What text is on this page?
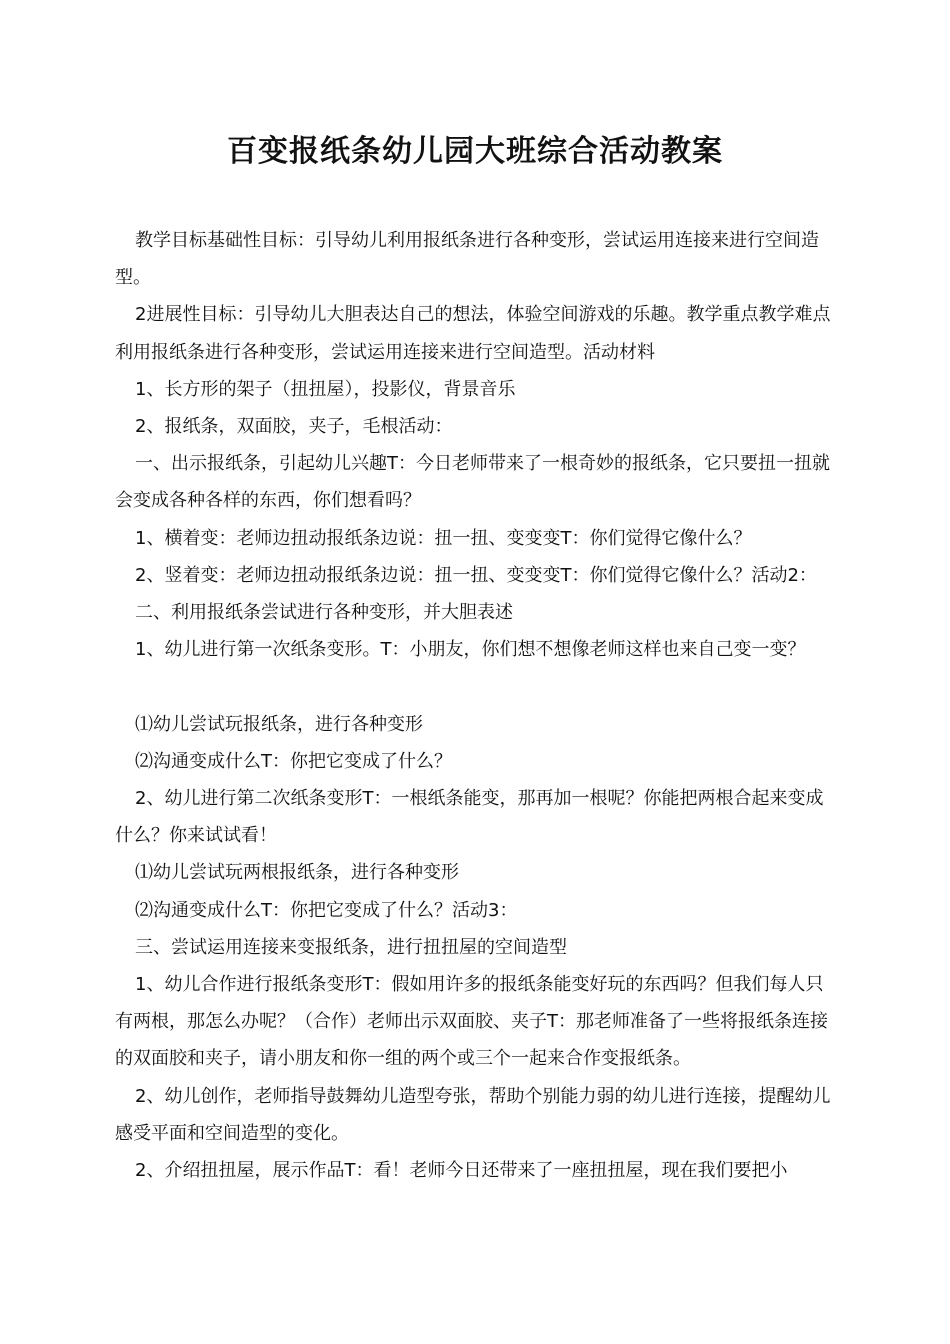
百变报纸条幼儿园大班综合活动教案

教学目标基础性目标：引导幼儿利用报纸条进行各种变形，尝试运用连接来进行空间造型。

2进展性目标：引导幼儿大胆表达自己的想法，体验空间游戏的乐趣。教学重点教学难点利用报纸条进行各种变形，尝试运用连接来进行空间造型。活动材料

1、长方形的架子（扭扭屋），投影仪，背景音乐

2、报纸条，双面胶，夹子，毛根活动：

一、出示报纸条，引起幼儿兴趣T：今日老师带来了一根奇妙的报纸条，它只要扭一扭就会变成各种各样的东西，你们想看吗？

1、横着变：老师边扭动报纸条边说：扭一扭、变变变T：你们觉得它像什么？

2、竖着变：老师边扭动报纸条边说：扭一扭、变变变T：你们觉得它像什么？活动2：

二、利用报纸条尝试进行各种变形，并大胆表述

1、幼儿进行第一次纸条变形。T：小朋友，你们想不想像老师这样也来自己变一变？

⑴幼儿尝试玩报纸条，进行各种变形

⑵沟通变成什么T：你把它变成了什么？

2、幼儿进行第二次纸条变形T：一根纸条能变，那再加一根呢？你能把两根合起来变成什么？你来试试看！

⑴幼儿尝试玩两根报纸条，进行各种变形

⑵沟通变成什么T：你把它变成了什么？活动3：

三、尝试运用连接来变报纸条，进行扭扭屋的空间造型

1、幼儿合作进行报纸条变形T：假如用许多的报纸条能变好玩的东西吗？但我们每人只有两根，那怎么办呢？（合作）老师出示双面胶、夹子T：那老师准备了一些将报纸条连接的双面胶和夹子，请小朋友和你一组的两个或三个一起来合作变报纸条。

2、幼儿创作，老师指导鼓舞幼儿造型夸张，帮助个别能力弱的幼儿进行连接，提醒幼儿感受平面和空间造型的变化。

2、介绍扭扭屋，展示作品T：看！老师今日还带来了一座扭扭屋，现在我们要把小
